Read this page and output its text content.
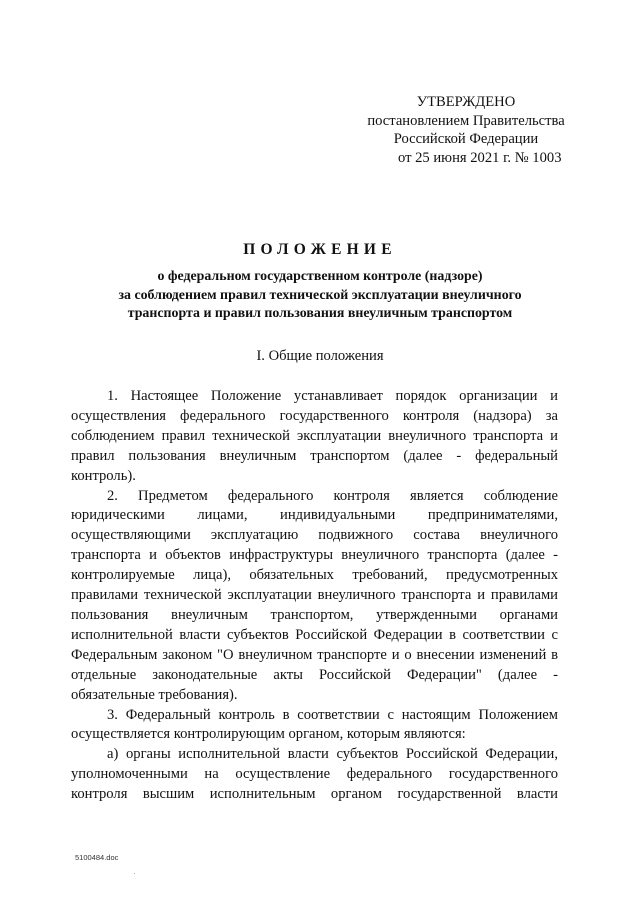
УТВЕРЖДЕНО
постановлением Правительства
Российской Федерации
от 25 июня 2021 г. № 1003
ПОЛОЖЕНИЕ
о федеральном государственном контроле (надзоре)
за соблюдением правил технической эксплуатации внеуличного
транспорта и правил пользования внеуличным транспортом
I. Общие положения
1. Настоящее Положение устанавливает порядок организации и осуществления федерального государственного контроля (надзора) за соблюдением правил технической эксплуатации внеуличного транспорта и правил пользования внеуличным транспортом (далее - федеральный контроль).
2. Предметом федерального контроля является соблюдение юридическими лицами, индивидуальными предпринимателями, осуществляющими эксплуатацию подвижного состава внеуличного транспорта и объектов инфраструктуры внеуличного транспорта (далее - контролируемые лица), обязательных требований, предусмотренных правилами технической эксплуатации внеуличного транспорта и правилами пользования внеуличным транспортом, утвержденными органами исполнительной власти субъектов Российской Федерации в соответствии с Федеральным законом "О внеуличном транспорте и о внесении изменений в отдельные законодательные акты Российской Федерации" (далее - обязательные требования).
3. Федеральный контроль в соответствии с настоящим Положением осуществляется контролирующим органом, которым являются:
а) органы исполнительной власти субъектов Российской Федерации, уполномоченными на осуществление федерального государственного контроля высшим исполнительным органом государственной власти
5100484.doc
